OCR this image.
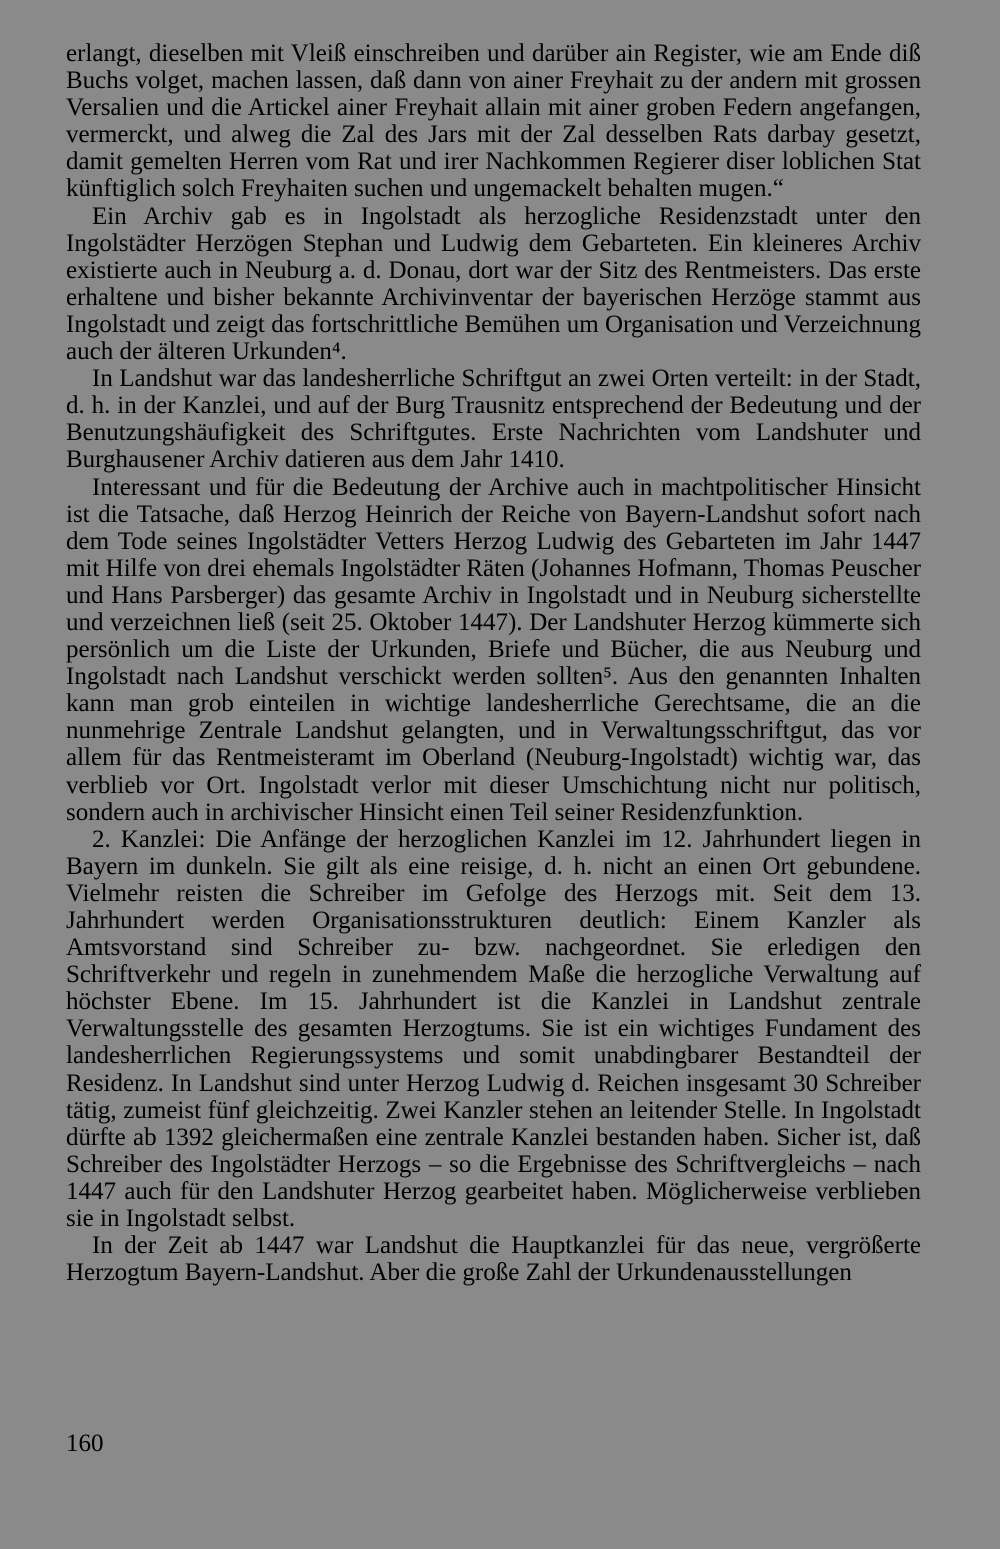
erlangt, dieselben mit Vleiß einschreiben und darüber ain Register, wie am Ende diß Buchs volget, machen lassen, daß dann von ainer Freyhait zu der andern mit grossen Versalien und die Artickel ainer Freyhait allain mit ainer groben Federn angefangen, vermerckt, und alweg die Zal des Jars mit der Zal desselben Rats darbay gesetzt, damit gemelten Herren vom Rat und irer Nachkommen Regierer diser loblichen Stat künftiglich solch Freyhaiten suchen und ungemackelt behalten mugen.“

Ein Archiv gab es in Ingolstadt als herzogliche Residenzstadt unter den Ingolstädter Herzögen Stephan und Ludwig dem Gebarteten. Ein kleineres Archiv existierte auch in Neuburg a. d. Donau, dort war der Sitz des Rentmeisters. Das erste erhaltene und bisher bekannte Archivinventar der bayerischen Herzöge stammt aus Ingolstadt und zeigt das fortschrittliche Bemühen um Organisation und Verzeichnung auch der älteren Urkunden⁴.

In Landshut war das landesherrliche Schriftgut an zwei Orten verteilt: in der Stadt, d. h. in der Kanzlei, und auf der Burg Trausnitz entsprechend der Bedeutung und der Benutzungshäufigkeit des Schriftgutes. Erste Nachrichten vom Landshuter und Burghausener Archiv datieren aus dem Jahr 1410.

Interessant und für die Bedeutung der Archive auch in machtpolitischer Hinsicht ist die Tatsache, daß Herzog Heinrich der Reiche von Bayern-Landshut sofort nach dem Tode seines Ingolstädter Vetters Herzog Ludwig des Gebarteten im Jahr 1447 mit Hilfe von drei ehemals Ingolstädter Räten (Johannes Hofmann, Thomas Peuscher und Hans Parsberger) das gesamte Archiv in Ingolstadt und in Neuburg sicherstellte und verzeichnen ließ (seit 25. Oktober 1447). Der Landshuter Herzog kümmerte sich persönlich um die Liste der Urkunden, Briefe und Bücher, die aus Neuburg und Ingolstadt nach Landshut verschickt werden sollten⁵. Aus den genannten Inhalten kann man grob einteilen in wichtige landesherrliche Gerechtsame, die an die nunmehrige Zentrale Landshut gelangten, und in Verwaltungsschriftgut, das vor allem für das Rentmeisteramt im Oberland (Neuburg-Ingolstadt) wichtig war, das verblieb vor Ort. Ingolstadt verlor mit dieser Umschichtung nicht nur politisch, sondern auch in archivischer Hinsicht einen Teil seiner Residenzfunktion.

2. Kanzlei: Die Anfänge der herzoglichen Kanzlei im 12. Jahrhundert liegen in Bayern im dunkeln. Sie gilt als eine reisige, d. h. nicht an einen Ort gebundene. Vielmehr reisten die Schreiber im Gefolge des Herzogs mit. Seit dem 13. Jahrhundert werden Organisationsstrukturen deutlich: Einem Kanzler als Amtsvorstand sind Schreiber zu- bzw. nachgeordnet. Sie erledigen den Schriftverkehr und regeln in zunehmendem Maße die herzogliche Verwaltung auf höchster Ebene. Im 15. Jahrhundert ist die Kanzlei in Landshut zentrale Verwaltungsstelle des gesamten Herzogtums. Sie ist ein wichtiges Fundament des landesherrlichen Regierungssystems und somit unabdingbarer Bestandteil der Residenz. In Landshut sind unter Herzog Ludwig d. Reichen insgesamt 30 Schreiber tätig, zumeist fünf gleichzeitig. Zwei Kanzler stehen an leitender Stelle. In Ingolstadt dürfte ab 1392 gleichermaßen eine zentrale Kanzlei bestanden haben. Sicher ist, daß Schreiber des Ingolstädter Herzogs – so die Ergebnisse des Schriftvergleichs – nach 1447 auch für den Landshuter Herzog gearbeitet haben. Möglicherweise verblieben sie in Ingolstadt selbst.

In der Zeit ab 1447 war Landshut die Hauptkanzlei für das neue, vergrößerte Herzogtum Bayern-Landshut. Aber die große Zahl der Urkundenausstellungen

160
